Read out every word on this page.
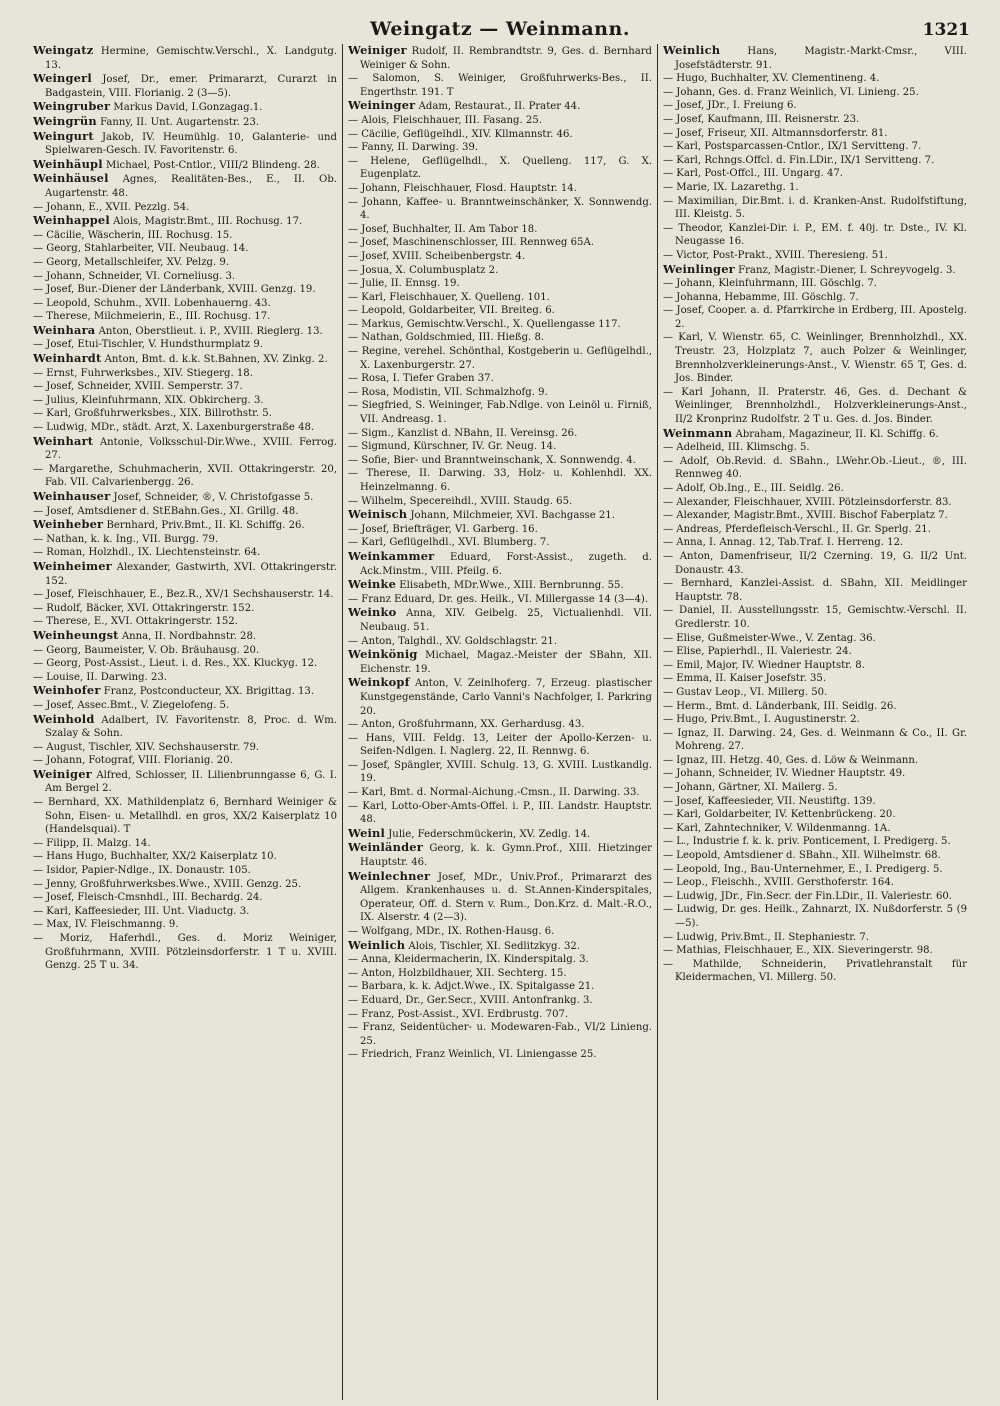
Weingatz — Weinmann.	1321
Weingatz Hermine, Gemischtw.Verschl., X. Landgutg. 13.
Weingerl Josef, Dr., emer. Primararzt, Curarzt in Badgastein, VIII. Florianig. 2 (3—5).
Weingruber Markus David, I.Gonzagag.1.
Weingrün Fanny, II. Unt. Augartenstr. 23.
Weingurt Jakob, IV. Heumühlg. 10, Galanterie- und Spielwaren-Gesch. IV. Favoritenstr. 6.
Weinhäupl Michael, Post-Cntlor., VIII/2 Blindeng. 28.
Weinhäusel Agnes, Realitäten-Bes., E., II. Ob. Augartenstr. 48.
— Johann, E., XVII. Pezzlg. 54.
Weinhappel Alois, Magistr.Bmt., III. Rochusg. 17.
— Cäcilie, Wäscherin, III. Rochusg. 15.
— Georg, Stahlarbeiter, VII. Neubaug. 14.
— Georg, Metallschleifer, XV. Pelzg. 9.
— Johann, Schneider, VI. Corneliusg. 3.
— Josef, Bur.-Diener der Länderbank, XVIII. Genzg. 19.
— Leopold, Schuhm., XVII. Lobenhauerng. 43.
— Therese, Milchmeierin, E., III. Rochusg. 17.
Weinhara Anton, Oberstlieut. i. P., XVIII. Rieglerg. 13.
— Josef, Etui-Tischler, V. Hundsthurmplatz 9.
Weinhardt Anton, Bmt. d. k.k. St.Bahnen, XV. Zinkg. 2.
— Ernst, Fuhrwerksbes., XIV. Stiegerg. 18.
— Josef, Schneider, XVIII. Semperstr. 37.
— Julius, Kleinfuhrmann, XIX. Obkircherg. 3.
— Karl, Großfuhrwerksbes., XIX. Billrothstr. 5.
— Ludwig, MDr., städt. Arzt, X. Laxenburgerstraße 48.
Weinhart Antonie, Volksschul-Dir.Wwe., XVIII. Ferrog. 27.
— Margarethe, Schuhmacherin, XVII. Ottakringerstr. 20, Fab. VII. Calvarienbergg. 26.
Weinhauser Josef, Schneider, ®, V. Christofgasse 5.
— Josef, Amtsdiener d. StEBahn.Ges., XI. Grillg. 48.
Weinheber Bernhard, Priv.Bmt., II. Kl. Schiffg. 26.
— Nathan, k. k. Ing., VII. Burgg. 79.
— Roman, Holzhdl., IX. Liechtensteinstr. 64.
Weinheimer Alexander, Gastwirth, XVI. Ottakringerstr. 152.
— Josef, Fleischhauer, E., Bez.R., XV/1 Sechshauserstr. 14.
— Rudolf, Bäcker, XVI. Ottakringerstr. 152.
— Therese, E., XVI. Ottakringerstr. 152.
Weinheungst Anna, II. Nordbahnstr. 28.
— Georg, Baumeister, V. Ob. Bräuhausg. 20.
— Georg, Post-Assist., Lieut. i. d. Res., XX. Kluckyg. 12.
— Louise, II. Darwing. 23.
Weinhofer Franz, Postconducteur, XX. Brigittag. 13.
— Josef, Assec.Bmt., V. Ziegelofeng. 5.
Weinhold Adalbert, IV. Favoritenstr. 8, Proc. d. Wm. Szalay & Sohn.
— August, Tischler, XIV. Sechshauserstr. 79.
— Johann, Fotograf, VIII. Florianig. 20.
Weiniger Alfred, Schlosser, II. Lilienbrunngasse 6, G. I. Am Bergel 2.
— Bernhard, XX. Mathildenplatz 6, Bernhard Weiniger & Sohn, Eisen- u. Metallhdl. en gros, XX/2 Kaiserplatz 10 (Handelsquai). T
— Filipp, II. Malzg. 14.
— Hans Hugo, Buchhalter, XX/2 Kaiserplatz 10.
— Isidor, Papier-Ndlge., IX. Donaustr. 105.
— Jenny, Großfuhrwerksbes.Wwe., XVIII. Genzg. 25.
— Josef, Fleisch-Cmsnhdl., III. Bechardg. 24.
— Karl, Kaffeesieder, III. Unt. Viaductg. 3.
— Max, IV. Fleischmanng. 9.
— Moriz, Haferhdl., Ges. d. Moriz Weiniger, Großfuhrmann, XVIII. Pötzleinsdorferstr. 1 T u. XVIII. Genzg. 25 T u. 34.
Weiniger Rudolf, II. Rembrandtstr. 9, Ges. d. Bernhard Weiniger & Sohn.
— Salomon, S. Weiniger, Großfuhrwerks-Bes., II. Engerthstr. 191. T
Weininger Adam, Restaurat., II. Prater 44.
— Alois, Fleischhauer, III. Fasang. 25.
— Cäcilie, Geflügelhdl., XIV. Kllmannstr. 46.
— Fanny, II. Darwing. 39.
— Helene, Geflügelhdl., X. Quelleng. 117, G. X. Eugenplatz.
— Johann, Fleischhauer, Flosd. Hauptstr. 14.
— Johann, Kaffee- u. Branntweinschänker, X. Sonnwendg. 4.
— Josef, Buchhalter, II. Am Tabor 18.
— Josef, Maschinenschlosser, III. Rennweg 65A.
— Josef, XVIII. Scheibenbergstr. 4.
— Josua, X. Columbusplatz 2.
— Julie, II. Ennsg. 19.
— Karl, Fleischhauer, X. Quelleng. 101.
— Leopold, Goldarbeiter, VII. Breiteg. 6.
— Markus, Gemischtw.Verschl., X. Quellengasse 117.
— Nathan, Goldschmied, III. Hießg. 8.
— Regine, verehel. Schönthal, Kostgeberin u. Geflügelhdl., X. Laxenburgerstr. 27.
— Rosa, I. Tiefer Graben 37.
— Rosa, Modistin, VII. Schmalzhofg. 9.
— Siegfried, S. Weininger, Fab.Ndlge. von Leinöl u. Firniß, VII. Andreasg. 1.
— Sigm., Kanzlist d. NBahn, II. Vereinsg. 26.
— Sigmund, Kürschner, IV. Gr. Neug. 14.
— Sofie, Bier- und Branntweinschank, X. Sonnwendg. 4.
— Therese, II. Darwing. 33, Holz- u. Kohlenhdl. XX. Heinzelmanng. 6.
— Wilhelm, Specereihdl., XVIII. Staudg. 65.
Weinisch Johann, Milchmeier, XVI. Bachgasse 21.
— Josef, Briefträger, VI. Garberg. 16.
— Karl, Geflügelhdl., XVI. Blumberg. 7.
Weinkammer Eduard, Forst-Assist., zugeth. d. Ack.Minstm., VIII. Pfeilg. 6.
Weinke Elisabeth, MDr.Wwe., XIII. Bernbrunng. 55.
— Franz Eduard, Dr. ges. Heilk., VI. Millergasse 14 (3—4).
Weinko Anna, XIV. Geibelg. 25, Victualienhdl. VII. Neubaug. 51.
— Anton, Talghdl., XV. Goldschlagstr. 21.
Weinkönig Michael, Magaz.-Meister der SBahn, XII. Eichenstr. 19.
Weinkopf Anton, V. Zeinlhoferg. 7, Erzeug. plastischer Kunstgegenstände, Carlo Vanni's Nachfolger, I. Parkring 20.
— Anton, Großfuhrmann, XX. Gerhardusg. 43.
— Hans, VIII. Feldg. 13, Leiter der Apollo-Kerzen- u. Seifen-Ndlgen. I. Naglerg. 22, II. Rennwg. 6.
— Josef, Spängler, XVIII. Schulg. 13, G. XVIII. Lustkandlg. 19.
— Karl, Bmt. d. Normal-Aichung.-Cmsn., II. Darwing. 33.
— Karl, Lotto-Ober-Amts-Offel. i. P., III. Landstr. Hauptstr. 48.
Weinl Julie, Federschmückerin, XV. Zedlg. 14.
Weinländer Georg, k. k. Gymn.Prof., XIII. Hietzinger Hauptstr. 46.
Weinlechner Josef, MDr., Univ.Prof., Primararzt des Allgem. Krankenhauses u. d. St.Annen-Kinderspitales, Operateur, Off. d. Stern v. Rum., Don.Krz. d. Malt.-R.O., IX. Alserstr. 4 (2—3).
— Wolfgang, MDr., IX. Rothen-Hausg. 6.
Weinlich Alois, Tischler, XI. Sedlitzkyg. 32.
— Anna, Kleidermacherin, IX. Kinderspitalg. 3.
— Anton, Holzbildhauer, XII. Sechterg. 15.
— Barbara, k. k. Adjct.Wwe., IX. Spitalgasse 21.
— Eduard, Dr., Ger.Secr., XVIII. Antonfrankg. 3.
— Franz, Post-Assist., XVI. Erdbrustg. 707.
— Franz, Seidentücher- u. Modewaren-Fab., VI/2 Linieng. 25.
— Friedrich, Franz Weinlich, VI. Liniengasse 25.
Weinlich	Hans, Magistr.-Markt-Cmsr., VIII. Josefstädterstr. 91.
— Hugo, Buchhalter, XV. Clementineng. 4.
— Johann, Ges. d. Franz Weinlich, VI. Linieng. 25.
— Josef, JDr., I. Freiung 6.
— Josef, Kaufmann, III. Reisnerstr. 23.
— Josef, Friseur, XII. Altmannsdorferstr. 81.
— Karl, Postsparcassen-Cntlor., IX/1 Servitteng. 7.
— Karl, Rchngs.Offcl. d. Fin.LDir., IX/1 Servitteng. 7.
— Karl, Post-Offcl., III. Ungarg. 47.
— Marie, IX. Lazarethg. 1.
— Maximilian, Dir.Bmt. i. d. Kranken-Anst. Rudolfstiftung, III. Kleistg. 5.
— Theodor, Kanzlei-Dir. i. P., EM. f. 40j. tr. Dste., IV. Kl. Neugasse 16.
— Victor, Post-Prakt., XVIII. Theresieng. 51.
Weinlinger Franz, Magistr.-Diener, I. Schreyvogelg. 3.
— Johann, Kleinfuhrmann, III. Göschlg. 7.
— Johanna, Hebamme, III. Göschlg. 7.
— Josef, Cooper. a. d. Pfarrkirche in Erdberg, III. Apostelg. 2.
— Karl, V. Wienstr. 65, C. Weinlinger, Brennholzhdl., XX. Treustr. 23, Holzplatz 7, auch Polzer & Weinlinger, Brennholzverkleinerungs-Anst., V. Wienstr. 65 T, Ges. d. Jos. Binder.
— Karl Johann, II. Praterstr. 46, Ges. d. Dechant & Weinlinger, Brennholzhdl., Holzverkleinerungs-Anst., II/2 Kronprinz Rudolfstr. 2 T u. Ges. d. Jos. Binder.
Weinmann Abraham, Magazineur, II. Kl. Schiffg. 6.
— Adelheid, III. Klimschg. 5.
— Adolf, Ob.Revid. d. SBahn., LWehr.Ob.-Lieut., ®, III. Rennweg 40.
— Adolf, Ob.Ing., E., III. Seidlg. 26.
— Alexander, Fleischhauer, XVIII. Pötzleinsdorferstr. 83.
— Alexander, Magistr.Bmt., XVIII. Bischof Faberplatz 7.
— Andreas, Pferdefleisch-Verschl., II. Gr. Sperlg. 21.
— Anna, I. Annag. 12, Tab.Traf. I. Herreng. 12.
— Anton, Damenfriseur, II/2 Czerning. 19, G. II/2 Unt. Donaustr. 43.
— Bernhard, Kanzlei-Assist. d. SBahn, XII. Meidlinger Hauptstr. 78.
— Daniel, II. Ausstellungsstr. 15, Gemischtw.-Verschl. II. Gredlerstr. 10.
— Elise, Gußmeister-Wwe., V. Zentag. 36.
— Elise, Papierhdl., II. Valeriestr. 24.
— Emil, Major, IV. Wiedner Hauptstr. 8.
— Emma, II. Kaiser Josefstr. 35.
— Gustav Leop., VI. Millerg. 50.
— Herm., Bmt. d. Länderbank, III. Seidlg. 26.
— Hugo, Priv.Bmt., I. Augustinerstr. 2.
— Ignaz, II. Darwing. 24, Ges. d. Weinmann & Co., II. Gr. Mohreng. 27.
— Ignaz, III. Hetzg. 40, Ges. d. Löw & Weinmann.
— Johann, Schneider, IV. Wiedner Hauptstr. 49.
— Johann, Gärtner, XI. Mailerg. 5.
— Josef, Kaffeesieder, VII. Neustiftg. 139.
— Karl, Goldarbeiter, IV. Kettenbrückeng. 20.
— Karl, Zahntechniker, V. Wildenmanng. 1A.
— L., Industrie f. k. k. priv. Ponticement, I. Predigerg. 5.
— Leopold, Amtsdiener d. SBahn., XII. Wilhelmstr. 68.
— Leopold, Ing., Bau-Unternehmer, E., I. Predigerg. 5.
— Leop., Fleischh., XVIII. Gersthoferstr. 164.
— Ludwig, JDr., Fin.Secr. der Fin.LDir., II. Valeriestr. 60.
— Ludwig, Dr. ges. Heilk., Zahnarzt, IX. Nußdorferstr. 5 (9—5).
— Ludwig, Priv.Bmt., II. Stephaniestr. 7.
— Mathias, Fleischhauer, E., XIX. Sieveringerstr. 98.
— Mathilde, Schneiderin, Privatlehranstalt für Kleidermachen, VI. Millerg. 50.
